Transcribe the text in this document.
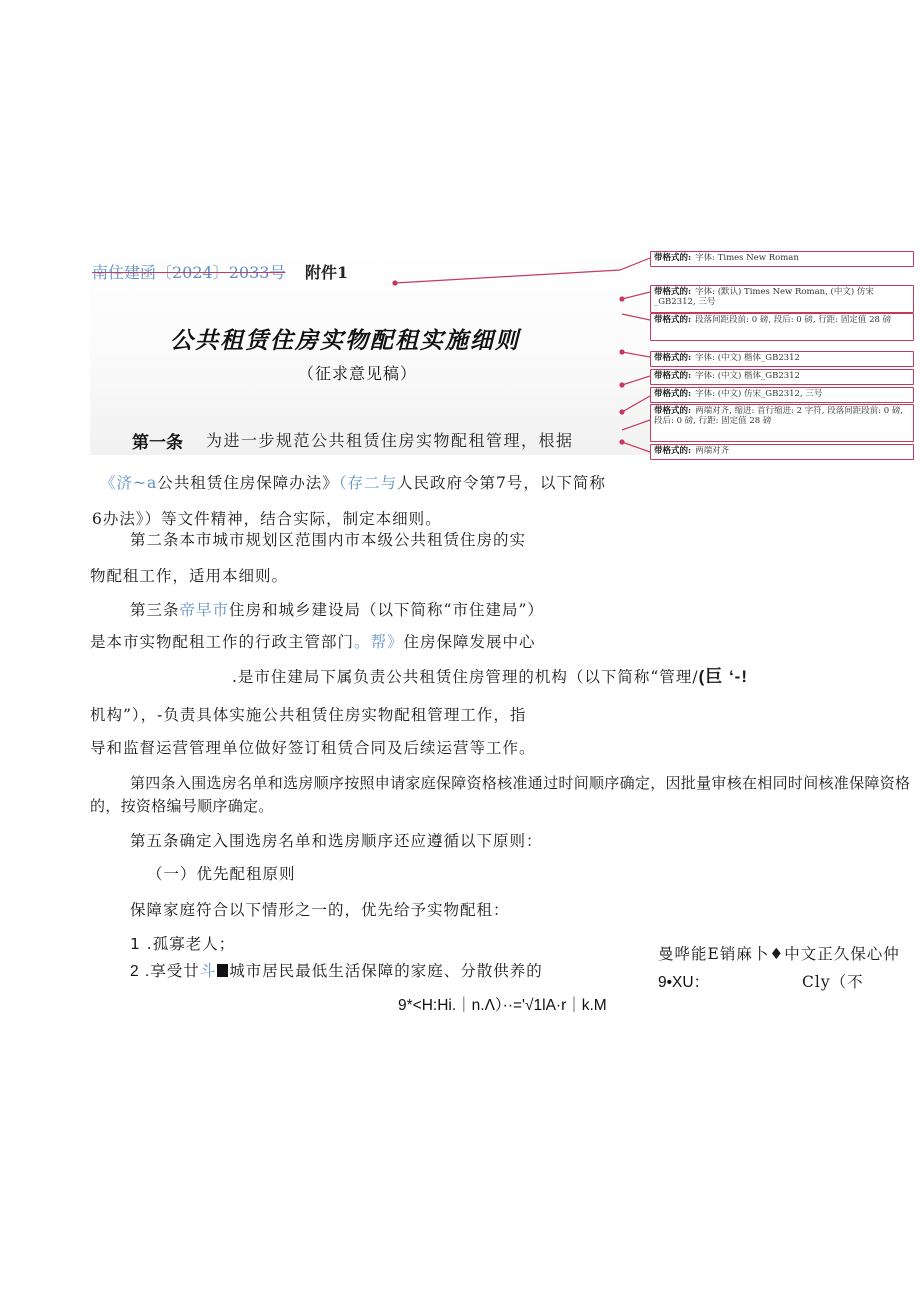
南住建函〔2024〕2033号 附件1
公共租赁住房实物配租实施细则
（征求意见稿）
第一条 为进一步规范公共租赁住房实物配租管理，根据
带格式的: 字体: Times New Roman
带格式的: 字体: (默认) Times New Roman, (中文) 仿宋_GB2312, 三号
带格式的: 段落间距段前: 0 磅, 段后: 0 磅, 行距: 固定值 28 磅
带格式的: 字体: (中文) 楷体_GB2312
带格式的: 字体: (中文) 楷体_GB2312
带格式的: 字体: (中文) 仿宋_GB2312, 三号
带格式的: 两端对齐, 缩进: 首行缩进: 2 字符, 段落间距段前: 0 磅, 段后: 0 磅, 行距: 固定值 28 磅
带格式的: 两端对齐
《济~a公共租赁住房保障办法》（存二与人民政府令第7号，以下简称
6办法》）等文件精神，结合实际，制定本细则。
第二条本市城市规划区范围内市本级公共租赁住房的实
物配租工作，适用本细则。
第三条帝早市住房和城乡建设局（以下简称“市住建局”）
是本市实物配租工作的行政主管部门。帮》住房保障发展中心
.是市住建局下属负责公共租赁住房管理的机构（以下简称“管理/(巨 ‘‐!
机构”），-负责具体实施公共租赁住房实物配租管理工作，指
导和监督运营管理单位做好签订租赁合同及后续运营等工作。
第四条入围选房名单和选房顺序按照申请家庭保障资格核准通过时间顺序确定，因批量审核在相同时间核准保障资格的，按资格编号顺序确定。
第五条确定入围选房名单和选房顺序还应遵循以下原则：
（一）优先配租原则
保障家庭符合以下情形之一的，优先给予实物配租：
1 .孤寡老人；
2 .享受廿斗 城市居民最低生活保障的家庭、分散供养的
曼哗能E销麻卜♦中文正久保心仲
9*<H:Hi.｜n.Λ）··='√1lA·r｜k.M
9•XU：	Cly（不
